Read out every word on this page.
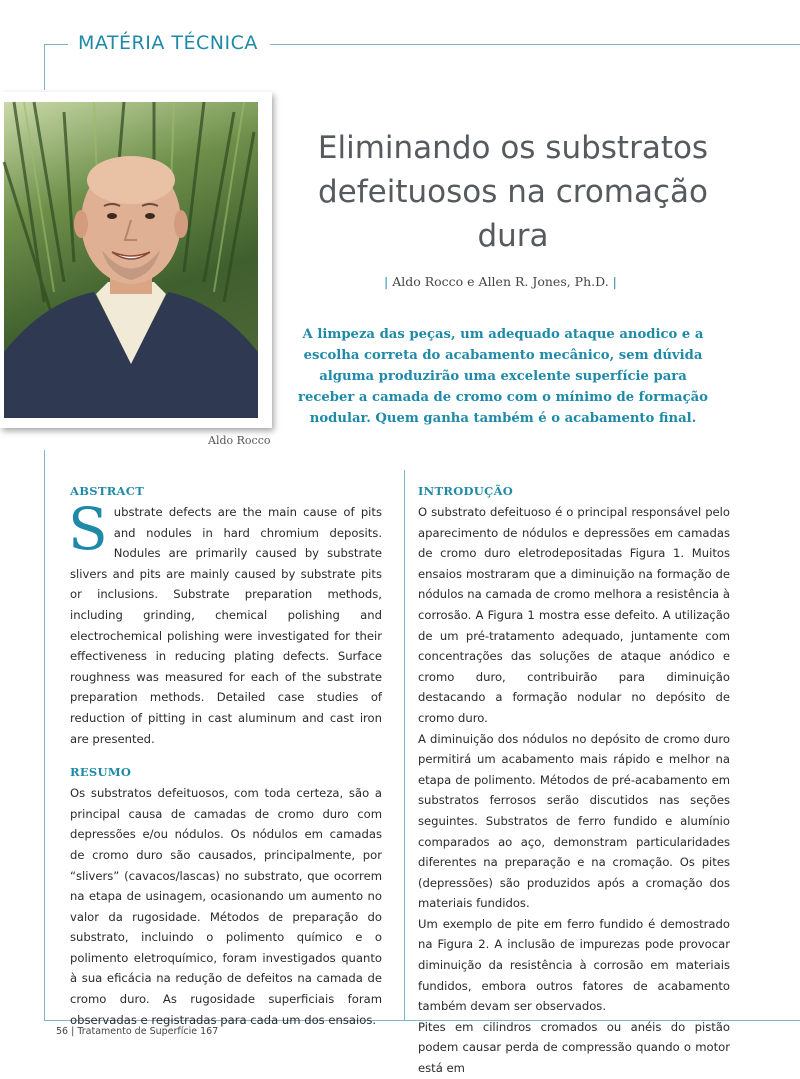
MATÉRIA TÉCNICA
Aldo Rocco
Eliminando os substratos
defeituosos na cromação dura
| Aldo Rocco e Allen R. Jones, Ph.D. |

A limpeza das peças, um adequado ataque anodico e a escolha correta do acabamento mecânico, sem dúvida alguma produzirão uma excelente superfície para receber a camada de cromo com o mínimo de formação nodular. Quem ganha também é o acabamento final.

ABSTRACT
S ubstrate defects are the main cause of pits and nodules in hard chromium deposits. Nodules are primarily caused by substrate slivers and pits are mainly caused by substrate pits or inclusions. Substrate preparation methods, including grinding, chemical polishing and electrochemical polishing were investigated for their effectiveness in reducing plating defects. Surface roughness was measured for each of the substrate preparation methods. Detailed case studies of reduction of pitting in cast aluminum and cast iron are presented.
RESUMO

Os substratos defeituosos, com toda certeza, são a principal causa de camadas de cromo duro com depressões e/ou nódulos. Os nódulos em camadas de cromo duro são causados, principalmente, por “slivers” (cavacos/lascas) no substrato, que ocorrem na etapa de usinagem, ocasionando um aumento no valor da rugosidade. Métodos de preparação do substrato, incluindo o polimento químico e o polimento eletroquímico, foram investigados quanto à sua eficácia na redução de defeitos na camada de cromo duro. As rugosidade superficiais foram observadas e registradas para cada um dos ensaios.

INTRODUÇÃO

O substrato defeituoso é o principal responsável pelo aparecimento de nódulos e depressões em camadas de cromo duro eletrodepositadas Figura 1. Muitos ensaios mostraram que a diminuição na formação de nódulos na camada de cromo melhora a resistência à corrosão. A Figura 1 mostra esse defeito. A utilização de um pré-tratamento adequado, juntamente com concentrações das soluções de ataque anódico e cromo duro, contribuirão para diminuição destacando a formação nodular no depósito de cromo duro.

A diminuição dos nódulos no depósito de cromo duro permitirá um acabamento mais rápido e melhor na etapa de polimento. Métodos de pré-acabamento em substratos ferrosos serão discutidos nas seções seguintes. Substratos de ferro fundido e alumínio comparados ao aço, demonstram particularidades diferentes na preparação e na cromação. Os pites (depressões) são produzidos após a cromação dos materiais fundidos.

Um exemplo de pite em ferro fundido é demostrado na Figura 2. A inclusão de impurezas pode provocar diminuição da resistência à corrosão em materiais fundidos, embora outros fatores de acabamento também devam ser observados.

Pites em cilindros cromados ou anéis do pistão podem causar perda de compressão quando o motor está em

56 | Tratamento de Superfície 167
